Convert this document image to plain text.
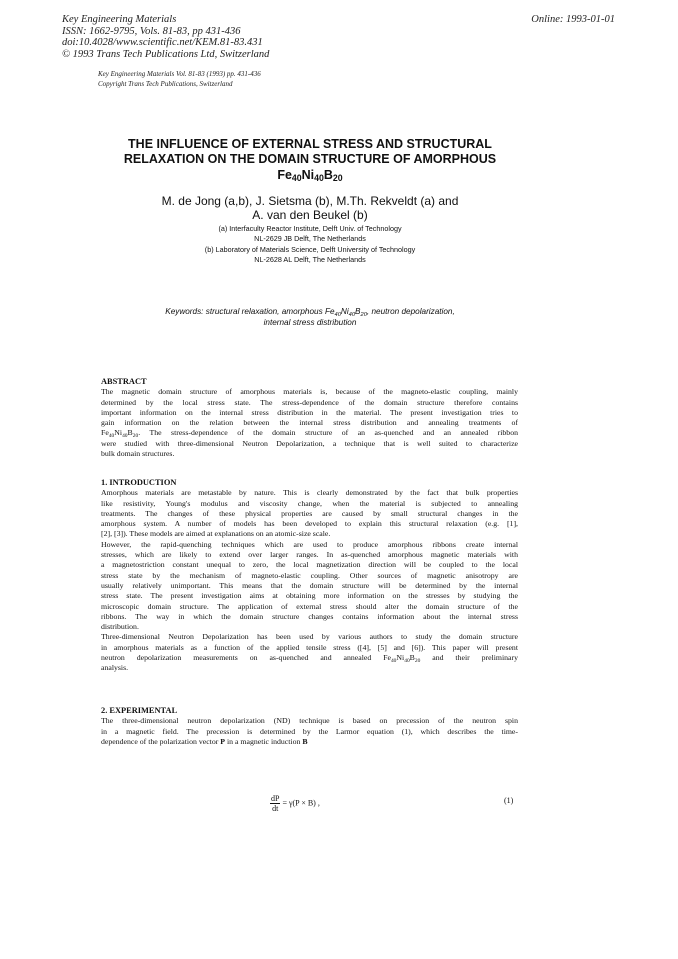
Key Engineering Materials
ISSN: 1662-9795, Vols. 81-83, pp 431-436
doi:10.4028/www.scientific.net/KEM.81-83.431
© 1993 Trans Tech Publications Ltd, Switzerland
Online: 1993-01-01
Key Engineering Materials Vol. 81-83 (1993) pp. 431-436
Copyright Trans Tech Publications, Switzerland
THE INFLUENCE OF EXTERNAL STRESS AND STRUCTURAL
RELAXATION ON THE DOMAIN STRUCTURE OF AMORPHOUS
$Fe_{40}Ni_{40}B_{20}$
M. de Jong (a,b), J. Sietsma (b), M.Th. Rekveldt (a) and
A. van den Beukel (b)
(a) Interfaculty Reactor Institute, Delft Univ. of Technology
NL-2629 JB Delft, The Netherlands
(b) Laboratory of Materials Science, Delft University of Technology
NL-2628 AL Delft, The Netherlands
Keywords: structural relaxation, amorphous $Fe_{40}Ni_{40}B_{20}$, neutron depolarization,
internal stress distribution
ABSTRACT
The magnetic domain structure of amorphous materials is, because of the magneto-elastic coupling, mainly
determined by the local stress state. The stress-dependence of the domain structure therefore contains
important information on the internal stress distribution in the material. The present investigation tries to
gain information on the relation between the internal stress distribution and annealing treatments of
$Fe_{40}Ni_{40}B_{20}$. The stress-dependence of the domain structure of an as-quenched and an annealed ribbon
were studied with three-dimensional Neutron Depolarization, a technique that is well suited to characterize
bulk domain structures.
1. INTRODUCTION
Amorphous materials are metastable by nature. This is clearly demonstrated by the fact that bulk properties
like resistivity, Young's modulus and viscosity change, when the material is subjected to annealing
treatments. The changes of these physical properties are caused by small structural changes in the
amorphous system. A number of models has been developed to explain this structural relaxation (e.g. [1],
[2], [3]). These models are aimed at explanations on an atomic-size scale.
However, the rapid-quenching techniques which are used to produce amorphous ribbons create internal
stresses, which are likely to extend over larger ranges. In as-quenched amorphous magnetic materials with
a magnetostriction constant unequal to zero, the local magnetization direction will be coupled to the local
stress state by the mechanism of magneto-elastic coupling. Other sources of magnetic anisotropy are
usually relatively unimportant. This means that the domain structure will be determined by the internal
stress state. The present investigation aims at obtaining more information on the stresses by studying the
microscopic domain structure. The application of external stress should alter the domain structure of the
ribbons. The way in which the domain structure changes contains information about the internal stress
distribution.
Three-dimensional Neutron Depolarization has been used by various authors to study the domain structure
in amorphous materials as a function of the applied tensile stress ([4], [5] and [6]). This paper will present
neutron depolarization measurements on as-quenched and annealed $Fe_{40}Ni_{40}B_{20}$ and their preliminary
analysis.
2. EXPERIMENTAL
The three-dimensional neutron depolarization (ND) technique is based on precession of the neutron spin
in a magnetic field. The precession is determined by the Larmor equation (1), which describes the time-
dependence of the polarization vector P in a magnetic induction B
$\frac{dP}{dt} = \gamma(P \times B)$ ,	(1)
